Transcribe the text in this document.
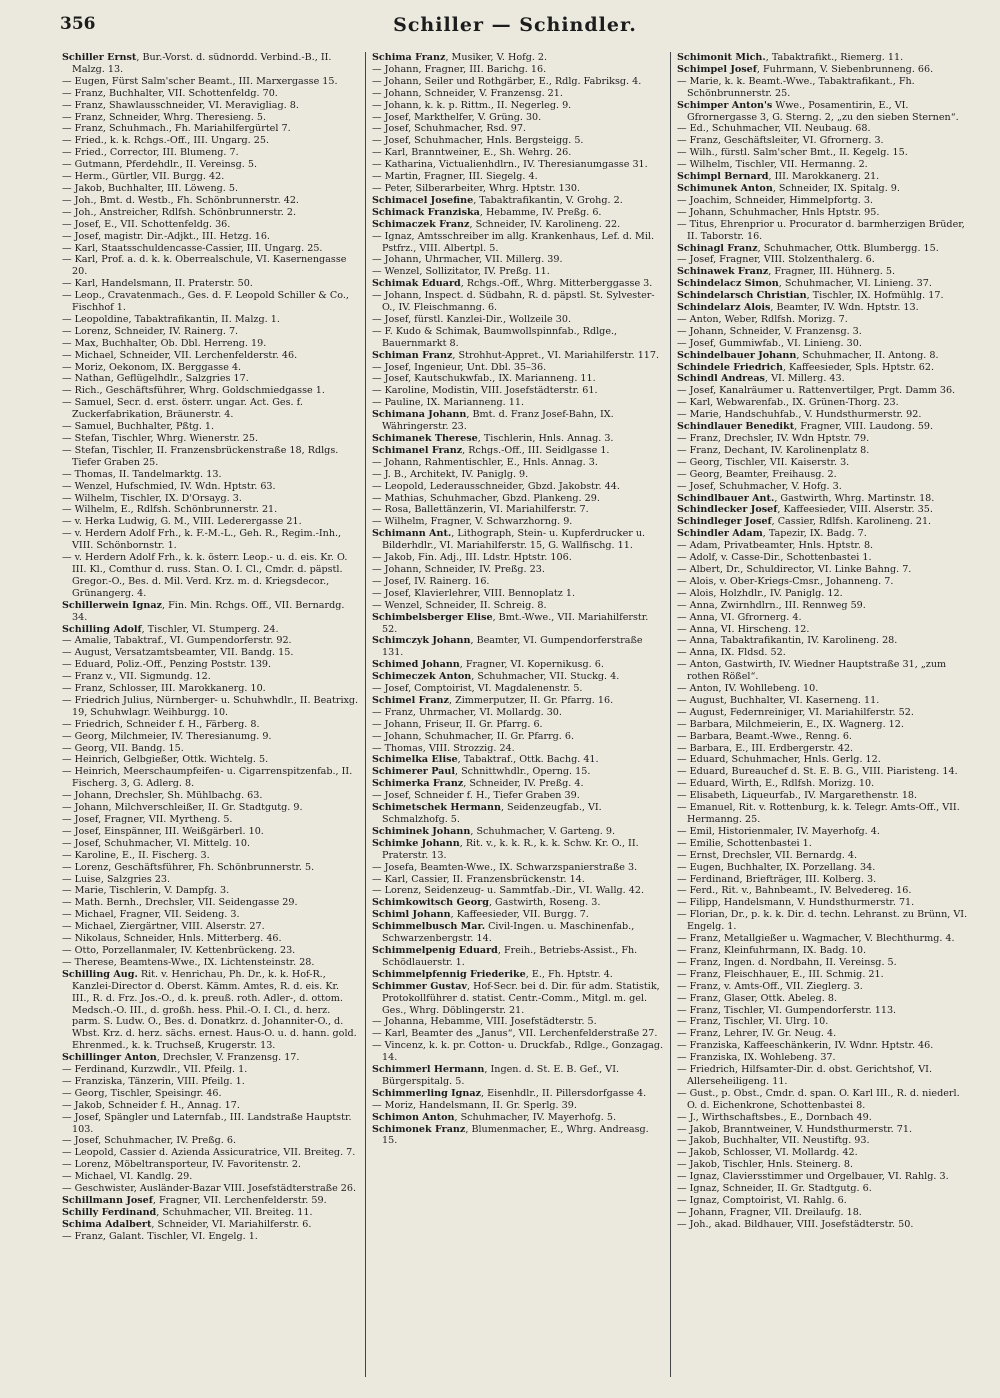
356	Schiller — Schindler.

Schiller Ernst, Bur.-Vorst. d. südnordd. Verbind.-B., II. Malzg. 13.

— Eugen, Fürst Salm'scher Beamt., III. Marxergasse 15.

— Franz, Buchhalter, VII. Schottenfeldg. 70.

— Franz, Shawlausschneider, VI. Meravigliag. 8.

— Franz, Schneider, Whrg. Theresieng. 5.

— Franz, Schuhmach., Fh. Mariahilfergürtel 7.

— Fried., k. k. Rchgs.-Off., III. Ungarg. 25.

— Fried., Corrector, III. Blumeng. 7.

— Gutmann, Pferdehdlr., II. Vereinsg. 5.

— Herm., Gürtler, VII. Burgg. 42.

— Jakob, Buchhalter, III. Löweng. 5.

— Joh., Bmt. d. Westb., Fh. Schönbrunnerstr. 42.

— Joh., Anstreicher, Rdlfsh. Schönbrunnerstr. 2.

— Josef, E., VII. Schottenfeldg. 36.

— Josef, magistr. Dir.-Adjkt., III. Hetzg. 16.

— Karl, Staatsschuldencasse-Cassier, III. Ungarg. 25.

— Karl, Prof. a. d. k. k. Oberrealschule, VI. Kasernengasse 20.

— Karl, Handelsmann, II. Praterstr. 50.

— Leop., Cravatenmach., Ges. d. F. Leopold Schiller & Co., Fischhof 1.

— Leopoldine, Tabaktrafikantin, II. Malzg. 1.

— Lorenz, Schneider, IV. Rainerg. 7.

— Max, Buchhalter, Ob. Dbl. Herreng. 19.

— Michael, Schneider, VII. Lerchenfelderstr. 46.

— Moriz, Oekonom, IX. Berggasse 4.

— Nathan, Geflügelhdlr., Salzgries 17.

— Rich., Geschäftsführer, Whrg. Goldschmiedgasse 1.

— Samuel, Secr. d. erst. österr. ungar. Act. Ges. f. Zuckerfabrikation, Bräunerstr. 4.

— Samuel, Buchhalter, Pßtg. 1.

— Stefan, Tischler, Whrg. Wienerstr. 25.

— Stefan, Tischler, II. Franzensbrückenstraße 18, Rdlgs. Tiefer Graben 25.

— Thomas, II. Tandelmarktg. 13.

— Wenzel, Hufschmied, IV. Wdn. Hptstr. 63.

— Wilhelm, Tischler, IX. D'Orsayg. 3.

— Wilhelm, E., Rdlfsh. Schönbrunnerstr. 21.

— v. Herka Ludwig, G. M., VIII. Lederergasse 21.

— v. Herdern Adolf Frh., k. F.-M.-L., Geh. R., Regim.-Inh., VIII. Schönbornstr. 1.

— v. Herdern Adolf Frh., k. k. österr. Leop.- u. d. eis. Kr. O. III. Kl., Comthur d. russ. Stan. O. I. Cl., Cmdr. d. päpstl. Gregor.-O., Bes. d. Mil. Verd. Krz. m. d. Kriegsdecor., Grünangerg. 4.

Schillerwein Ignaz, Fin. Min. Rchgs. Off., VII. Bernardg. 34.

Schilling Adolf, Tischler, VI. Stumperg. 24.

— Amalie, Tabaktraf., VI. Gumpendorferstr. 92.

— August, Versatzamtsbeamter, VII. Bandg. 15.

— Eduard, Poliz.-Off., Penzing Poststr. 139.

— Franz v., VII. Sigmundg. 12.

— Franz, Schlosser, III. Marokkanerg. 10.

— Friedrich Julius, Nürnberger- u. Schuhwhdlr., II. Beatrixg. 19, Schuhwlagr. Weihburgg. 10.

— Friedrich, Schneider f. H., Färberg. 8.

— Georg, Milchmeier, IV. Theresianumg. 9.

— Georg, VII. Bandg. 15.

— Heinrich, Gelbgießer, Ottk. Wichtelg. 5.

— Heinrich, Meerschaumpfeifen- u. Cigarrenspitzenfab., II. Fischerg. 3, G. Adlerg. 8.

— Johann, Drechsler, Sh. Mühlbachg. 63.

— Johann, Milchverschleißer, II. Gr. Stadtgutg. 9.

— Josef, Fragner, VII. Myrtheng. 5.

— Josef, Einspänner, III. Weißgärberl. 10.

— Josef, Schuhmacher, VI. Mittelg. 10.

— Karoline, E., II. Fischerg. 3.

— Lorenz, Geschäftsführer, Fh. Schönbrunnerstr. 5.

— Luise, Salzgries 23.

— Marie, Tischlerin, V. Dampfg. 3.

— Math. Bernh., Drechsler, VII. Seidengasse 29.

— Michael, Fragner, VII. Seideng. 3.

— Michael, Ziergärtner, VIII. Alserstr. 27.

— Nikolaus, Schneider, Hnls. Mitterberg. 46.

— Otto, Porzellanmaler, IV. Kettenbrückeng. 23.

— Therese, Beamtens-Wwe., IX. Lichtensteinstr. 28.

Schilling Aug. Rit. v. Henrichau, Ph. Dr., k. k. Hof-R., Kanzlei-Director d. Oberst. Kämm. Amtes, R. d. eis. Kr. III., R. d. Frz. Jos.-O., d. k. preuß. roth. Adler-, d. ottom. Medsch.-O. III., d. großh. hess. Phil.-O. I. Cl., d. herz. parm. S. Ludw. O., Bes. d. Donatkrz. d. Johanniter-O., d. Wbst. Krz. d. herz. sächs. ernest. Haus-O. u. d. hann. gold. Ehrenmed., k. k. Truchseß, Krugerstr. 13.

Schillinger Anton, Drechsler, V. Franzensg. 17.

— Ferdinand, Kurzwdlr., VII. Pfeilg. 1.

— Franziska, Tänzerin, VIII. Pfeilg. 1.

— Georg, Tischler, Speisingr. 46.

— Jakob, Schneider f. H., Annag. 17.

— Josef, Spängler und Laternfab., III. Landstraße Hauptstr. 103.

— Josef, Schuhmacher, IV. Preßg. 6.

— Leopold, Cassier d. Azienda Assicuratrice, VII. Breiteg. 7.

— Lorenz, Möbeltransporteur, IV. Favoritenstr. 2.

— Michael, VI. Kandlg. 29.

— Geschwister, Ausländer-Bazar VIII. Josefstädterstraße 26.

Schillmann Josef, Fragner, VII. Lerchenfelderstr. 59.

Schilly Ferdinand, Schuhmacher, VII. Breiteg. 11.

Schima Adalbert, Schneider, VI. Mariahilferstr. 6.

— Franz, Galant. Tischler, VI. Engelg. 1.

Schima Franz, Musiker, V. Hofg. 2.

— Johann, Fragner, III. Barichg. 16.

— Johann, Seiler und Rothgärber, E., Rdlg. Fabriksg. 4.

— Johann, Schneider, V. Franzensg. 21.

— Johann, k. k. p. Rittm., II. Negerleg. 9.

— Josef, Markthelfer, V. Grüng. 30.

— Josef, Schuhmacher, Rsd. 97.

— Josef, Schuhmacher, Hnls. Bergsteigg. 5.

— Karl, Branntweiner, E., Sh. Wehrg. 26.

— Katharina, Victualienhdlrn., IV. Theresianumgasse 31.

— Martin, Fragner, III. Siegelg. 4.

— Peter, Silberarbeiter, Whrg. Hptstr. 130.

Schimacel Josefine, Tabaktrafikantin, V. Grohg. 2.

Schimack Franziska, Hebamme, IV. Preßg. 6.

Schimaczek Franz, Schneider, IV. Karolineng. 22.

— Ignaz, Amtsschreiber im allg. Krankenhaus, Lef. d. Mil. Pstfrz., VIII. Albertpl. 5.

— Johann, Uhrmacher, VII. Millerg. 39.

— Wenzel, Sollizitator, IV. Preßg. 11.

Schimak Eduard, Rchgs.-Off., Whrg. Mitterberggasse 3.

— Johann, Inspect. d. Südbahn, R. d. päpstl. St. Sylvester-O., IV. Fleischmanng. 6.

— Josef, fürstl. Kanzlei-Dir., Wollzeile 30.

— F. Kudo & Schimak, Baumwollspinnfab., Rdlge., Bauernmarkt 8.

Schiman Franz, Strohhut-Appret., VI. Mariahilferstr. 117.

— Josef, Ingenieur, Unt. Dbl. 35–36.

— Josef, Kautschukwfab., IX. Marianneng. 11.

— Karoline, Modistin, VIII. Josefstädterstr. 61.

— Pauline, IX. Marianneng. 11.

Schimana Johann, Bmt. d. Franz Josef-Bahn, IX. Währingerstr. 23.

Schimanek Therese, Tischlerin, Hnls. Annag. 3.

Schimanel Franz, Rchgs.-Off., III. Seidlgasse 1.

— Johann, Rahmentischler, E., Hnls. Annag. 3.

— J. B., Architekt, IV. Paniglg. 9.

— Leopold, Lederausschneider, Gbzd. Jakobstr. 44.

— Mathias, Schuhmacher, Gbzd. Plankeng. 29.

— Rosa, Ballettänzerin, VI. Mariahilferstr. 7.

— Wilhelm, Fragner, V. Schwarzhorng. 9.

Schimann Ant., Lithograph, Stein- u. Kupferdrucker u. Bilderhdlr., VI. Mariahilferstr. 15, G. Wallfischg. 11.

— Jakob, Fin. Adj., III. Ldstr. Hptstr. 106.

— Johann, Schneider, IV. Preßg. 23.

— Josef, IV. Rainerg. 16.

— Josef, Klavierlehrer, VIII. Bennoplatz 1.

— Wenzel, Schneider, II. Schreig. 8.

Schimbelsberger Elise, Bmt.-Wwe., VII. Mariahilferstr. 52.

Schimczyk Johann, Beamter, VI. Gumpendorferstraße 131.

Schimed Johann, Fragner, VI. Kopernikusg. 6.

Schimeczek Anton, Schuhmacher, VII. Stuckg. 4.

— Josef, Comptoirist, VI. Magdalenenstr. 5.

Schimel Franz, Zimmerputzer, II. Gr. Pfarrg. 16.

— Franz, Uhrmacher, VI. Mollardg. 30.

— Johann, Friseur, II. Gr. Pfarrg. 6.

— Johann, Schuhmacher, II. Gr. Pfarrg. 6.

— Thomas, VIII. Strozzig. 24.

Schimelka Elise, Tabaktraf., Ottk. Bachg. 41.

Schimerer Paul, Schnittwhdlr., Operng. 15.

Schimerka Franz, Schneider, IV. Preßg. 4.

— Josef, Schneider f. H., Tiefer Graben 39.

Schimetschek Hermann, Seidenzeugfab., VI. Schmalzhofg. 5.

Schiminek Johann, Schuhmacher, V. Garteng. 9.

Schimke Johann, Rit. v., k. k. R., k. k. Schw. Kr. O., II. Praterstr. 13.

— Josefa, Beamten-Wwe., IX. Schwarzspanierstraße 3.

— Karl, Cassier, II. Franzensbrückenstr. 14.

— Lorenz, Seidenzeug- u. Sammtfab.-Dir., VI. Wallg. 42.

Schimkowitsch Georg, Gastwirth, Roseng. 3.

Schiml Johann, Kaffeesieder, VII. Burgg. 7.

Schimmelbusch Mar. Civil-Ingen. u. Maschinenfab., Schwarzenbergstr. 14.

Schimmelpenig Eduard, Freih., Betriebs-Assist., Fh. Schödlauerstr. 1.

Schimmelpfennig Friederike, E., Fh. Hptstr. 4.

Schimmer Gustav, Hof-Secr. bei d. Dir. für adm. Statistik, Protokollführer d. statist. Centr.-Comm., Mitgl. m. gel. Ges., Whrg. Döblingerstr. 21.

— Johanna, Hebamme, VIII. Josefstädterstr. 5.

— Karl, Beamter des „Janus“, VII. Lerchenfelderstraße 27.

— Vincenz, k. k. pr. Cotton- u. Druckfab., Rdlge., Gonzagag. 14.

Schimmerl Hermann, Ingen. d. St. E. B. Gef., VI. Bürgerspitalg. 5.

Schimmerling Ignaz, Eisenhdlr., II. Pillersdorfgasse 4.

— Moriz, Handelsmann, II. Gr. Sperlg. 39.

Schimon Anton, Schuhmacher, IV. Mayerhofg. 5.

Schimonek Franz, Blumenmacher, E., Whrg. Andreasg. 15.

Schimonit Mich., Tabaktrafikt., Riemerg. 11.

Schimpel Josef, Fuhrmann, V. Siebenbrunneng. 66.

— Marie, k. k. Beamt.-Wwe., Tabaktrafikant., Fh. Schönbrunnerstr. 25.

Schimper Anton's Wwe., Posamentirin, E., VI. Gfrornergasse 3, G. Sterng. 2, „zu den sieben Sternen“.

— Ed., Schuhmacher, VII. Neubaug. 68.

— Franz, Geschäftsleiter, VI. Gfrornerg. 3.

— Wilh., fürstl. Salm'scher Bmt., II. Kegelg. 15.

— Wilhelm, Tischler, VII. Hermanng. 2.

Schimpl Bernard, III. Marokkanerg. 21.

Schimunek Anton, Schneider, IX. Spitalg. 9.

— Joachim, Schneider, Himmelpfortg. 3.

— Johann, Schuhmacher, Hnls Hptstr. 95.

— Titus, Ehrenprior u. Procurator d. barmherzigen Brüder, II. Taborstr. 16.

Schinagl Franz, Schuhmacher, Ottk. Blumbergg. 15.

— Josef, Fragner, VIII. Stolzenthalerg. 6.

Schinawek Franz, Fragner, III. Hühnerg. 5.

Schindelacz Simon, Schuhmacher, VI. Linieng. 37.

Schindelarsch Christian, Tischler, IX. Hofmühlg. 17.

Schindelarz Alois, Beamter, IV. Wdn. Hptstr. 13.

— Anton, Weber, Rdlfsh. Morizg. 7.

— Johann, Schneider, V. Franzensg. 3.

— Josef, Gummiwfab., VI. Linieng. 30.

Schindelbauer Johann, Schuhmacher, II. Antong. 8.

Schindele Friedrich, Kaffeesieder, Spls. Hptstr. 62.

Schindl Andreas, VI. Millerg. 43.

— Josef, Kanalräumer u. Rattenvertilger, Prgt. Damm 36.

— Karl, Webwarenfab., IX. Grünen-Thorg. 23.

— Marie, Handschuhfab., V. Hundsthurmerstr. 92.

Schindlauer Benedikt, Fragner, VIII. Laudong. 59.

— Franz, Drechsler, IV. Wdn Hptstr. 79.

— Franz, Dechant, IV. Karolinenplatz 8.

— Georg, Tischler, VII. Kaiserstr. 3.

— Georg, Beamter, Freihausg. 2.

— Josef, Schuhmacher, V. Hofg. 3.

Schindlbauer Ant., Gastwirth, Whrg. Martinstr. 18.

Schindlecker Josef, Kaffeesieder, VIII. Alserstr. 35.

Schindleger Josef, Cassier, Rdlfsh. Karolineng. 21.

Schindler Adam, Tapezir, IX. Badg. 7.

— Adam, Privatbeamter, Hnls. Hptstr. 8.

— Adolf, v. Casse-Dir., Schottenbastei 1.

— Albert, Dr., Schuldirector, VI. Linke Bahng. 7.

— Alois, v. Ober-Kriegs-Cmsr., Johanneng. 7.

— Alois, Holzhdlr., IV. Paniglg. 12.

— Anna, Zwirnhdlrn., III. Rennweg 59.

— Anna, VI. Gfrornerg. 4.

— Anna, VI. Hirscheng. 12.

— Anna, Tabaktrafikantin, IV. Karolineng. 28.

— Anna, IX. Fldsd. 52.

— Anton, Gastwirth, IV. Wiedner Hauptstraße 31, „zum rothen Rößel“.

— Anton, IV. Wohllebeng. 10.

— August, Buchhalter, VI. Kaserneng. 11.

— August, Federnreiniger, VI. Mariahilferstr. 52.

— Barbara, Milchmeierin, E., IX. Wagnerg. 12.

— Barbara, Beamt.-Wwe., Renng. 6.

— Barbara, E., III. Erdbergerstr. 42.

— Eduard, Schuhmacher, Hnls. Gerlg. 12.

— Eduard, Bureauchef d. St. E. B. G., VIII. Piaristeng. 14.

— Eduard, Wirth, E., Rdlfsh. Morizg. 10.

— Elisabeth, Liqueurfab., IV. Margarethenstr. 18.

— Emanuel, Rit. v. Rottenburg, k. k. Telegr. Amts-Off., VII. Hermanng. 25.

— Emil, Historienmaler, IV. Mayerhofg. 4.

— Emilie, Schottenbastei 1.

— Ernst, Drechsler, VII. Bernardg. 4.

— Eugen, Buchhalter, IX. Porzellang. 34.

— Ferdinand, Briefträger, III. Kolberg. 3.

— Ferd., Rit. v., Bahnbeamt., IV. Belvedereg. 16.

— Filipp, Handelsmann, V. Hundsthurmerstr. 71.

— Florian, Dr., p. k. k. Dir. d. techn. Lehranst. zu Brünn, VI. Engelg. 1.

— Franz, Metallgießer u. Wagmacher, V. Blechthurmg. 4.

— Franz, Kleinfuhrmann, IX. Badg. 10.

— Franz, Ingen. d. Nordbahn, II. Vereinsg. 5.

— Franz, Fleischhauer, E., III. Schmig. 21.

— Franz, v. Amts-Off., VII. Zieglerg. 3.

— Franz, Glaser, Ottk. Abeleg. 8.

— Franz, Tischler, VI. Gumpendorferstr. 113.

— Franz, Tischler, VI. Ulrg. 10.

— Franz, Lehrer, IV. Gr. Neug. 4.

— Franziska, Kaffeeschänkerin, IV. Wdnr. Hptstr. 46.

— Franziska, IX. Wohlebeng. 37.

— Friedrich, Hilfsamter-Dir. d. obst. Gerichtshof, VI. Allerseheiligeng. 11.

— Gust., p. Obst., Cmdr. d. span. O. Karl III., R. d. niederl. O. d. Eichenkrone, Schottenbastei 8.

— J., Wirthschaftsbes., E., Dornbach 49.

— Jakob, Branntweiner, V. Hundsthurmerstr. 71.

— Jakob, Buchhalter, VII. Neustiftg. 93.

— Jakob, Schlosser, VI. Mollardg. 42.

— Jakob, Tischler, Hnls. Steinerg. 8.

— Ignaz, Claviersstimmer und Orgelbauer, VI. Rahlg. 3.

— Ignaz, Schneider, II. Gr. Stadtgutg. 6.

— Ignaz, Comptoirist, VI. Rahlg. 6.

— Johann, Fragner, VII. Dreilaufg. 18.

— Joh., akad. Bildhauer, VIII. Josefstädterstr. 50.
